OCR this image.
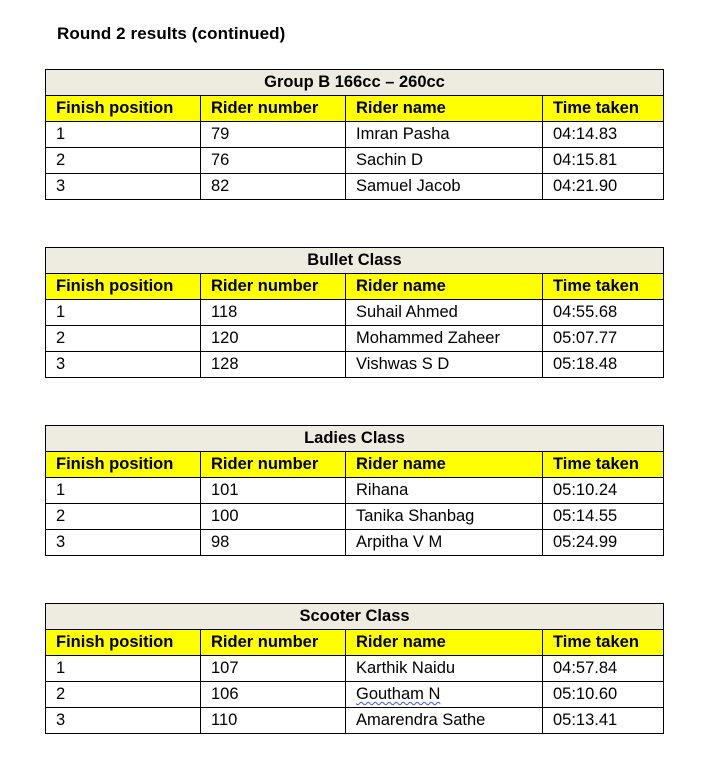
Round 2 results (continued)
Group B 166cc – 260cc			
Finish position	Rider number	Rider name	Time taken
1	79	Imran Pasha	04:14.83
2	76	Sachin D	04:15.81
3	82	Samuel Jacob	04:21.90
Bullet Class			
Finish position	Rider number	Rider name	Time taken
1	118	Suhail Ahmed	04:55.68
2	120	Mohammed Zaheer	05:07.77
3	128	Vishwas S D	05:18.48
Ladies Class			
Finish position	Rider number	Rider name	Time taken
1	101	Rihana	05:10.24
2	100	Tanika Shanbag	05:14.55
3	98	Arpitha V M	05:24.99
Scooter Class			
Finish position	Rider number	Rider name	Time taken
1	107	Karthik Naidu	04:57.84
2	106	Goutham N	05:10.60
3	110	Amarendra Sathe	05:13.41
